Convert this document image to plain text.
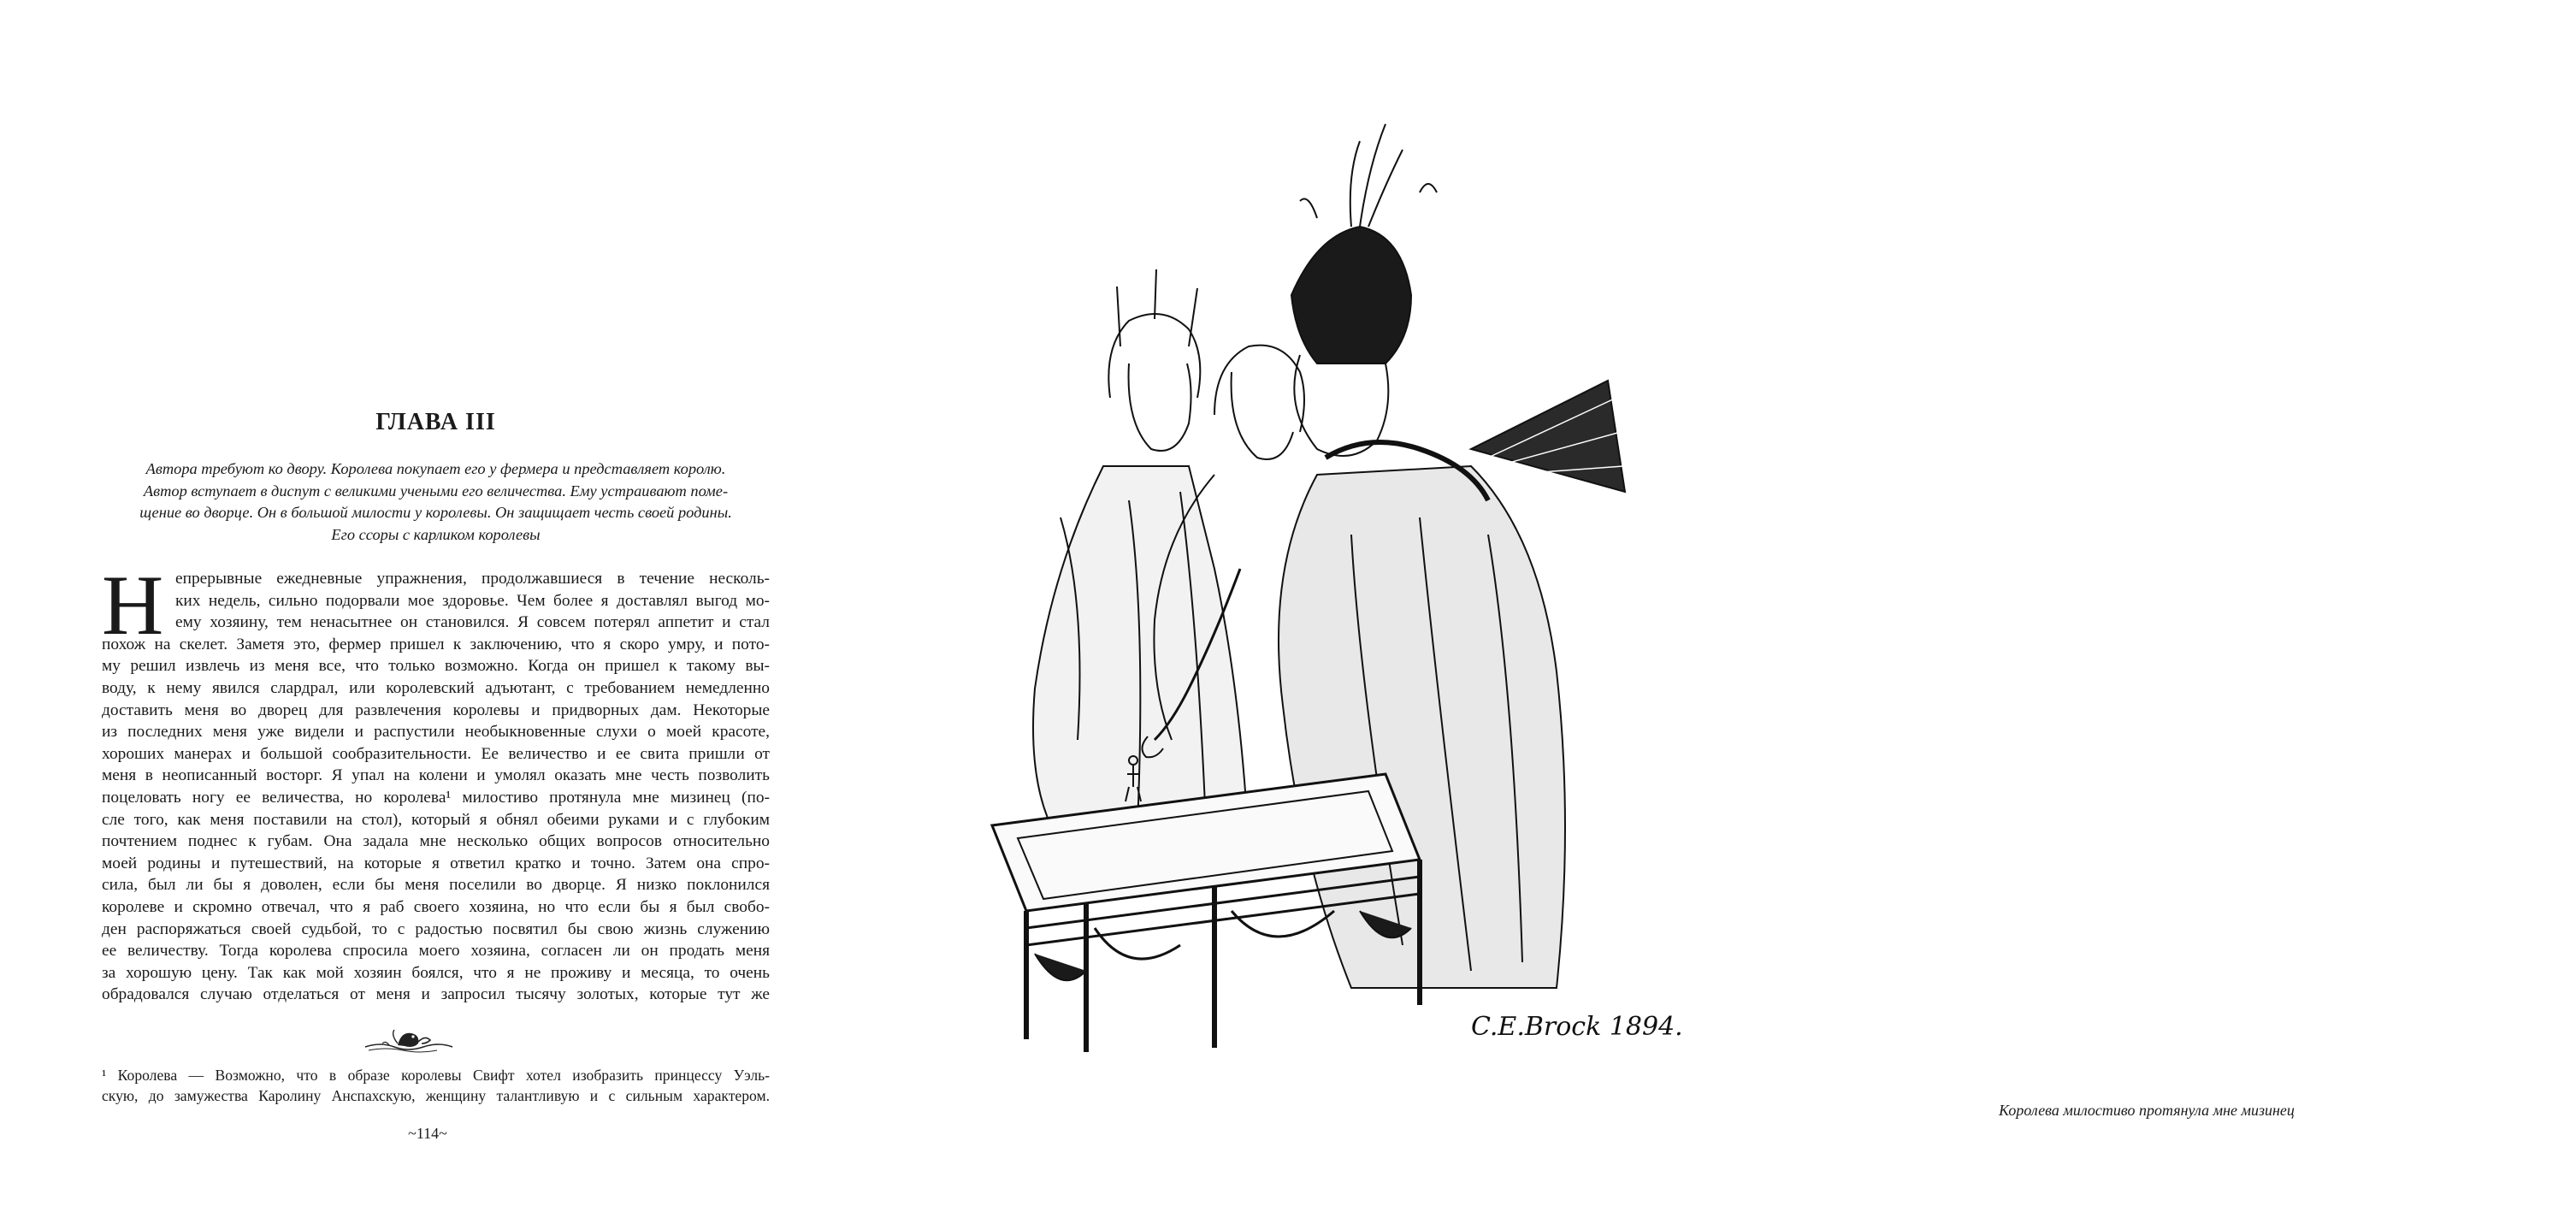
ГЛАВА III
Автора требуют ко двору. Королева покупает его у фермера и представляет королю.
Автор вступает в диспут с великими учеными его величества. Ему устраивают поме-
щение во дворце. Он в большой милости у королевы. Он защищает честь своей родины.
Его ссоры с карликом королевы
Н епрерывные ежедневные упражнения, продолжавшиеся в течение несколь-
ких недель, сильно подорвали мое здоровье. Чем более я доставлял выгод мо-
ему хозяину, тем ненасытнее он становился. Я совсем потерял аппетит и стал
похож на скелет. Заметя это, фермер пришел к заключению, что я скоро умру, и пото-
му решил извлечь из меня все, что только возможно. Когда он пришел к такому вы-
воду, к нему явился слардрал, или королевский адъютант, с требованием немедленно
доставить меня во дворец для развлечения королевы и придворных дам. Некоторые
из последних меня уже видели и распустили необыкновенные слухи о моей красоте,
хороших манерах и большой сообразительности. Ее величество и ее свита пришли от
меня в неописанный восторг. Я упал на колени и умолял оказать мне честь позволить
поцеловать ногу ее величества, но королева¹ милостиво протянула мне мизинец (по-
сле того, как меня поставили на стол), который я обнял обеими руками и с глубоким
почтением поднес к губам. Она задала мне несколько общих вопросов относительно
моей родины и путешествий, на которые я ответил кратко и точно. Затем она спро-
сила, был ли бы я доволен, если бы меня поселили во дворце. Я низко поклонился
королеве и скромно отвечал, что я раб своего хозяина, но что если бы я был свобо-
ден распоряжаться своей судьбой, то с радостью посвятил бы свою жизнь служению
ее величеству. Тогда королева спросила моего хозяина, согласен ли он продать меня
за хорошую цену. Так как мой хозяин боялся, что я не проживу и месяца, то очень
обрадовался случаю отделаться от меня и запросил тысячу золотых, которые тут же
¹ Королева — Возможно, что в образе королевы Свифт хотел изобразить принцессу Уэль-
скую, до замужества Каролину Анспахскую, женщину талантливую и с сильным характером.
~114~
C.E.Brock 1894.
Королева милостиво протянула мне мизинец
